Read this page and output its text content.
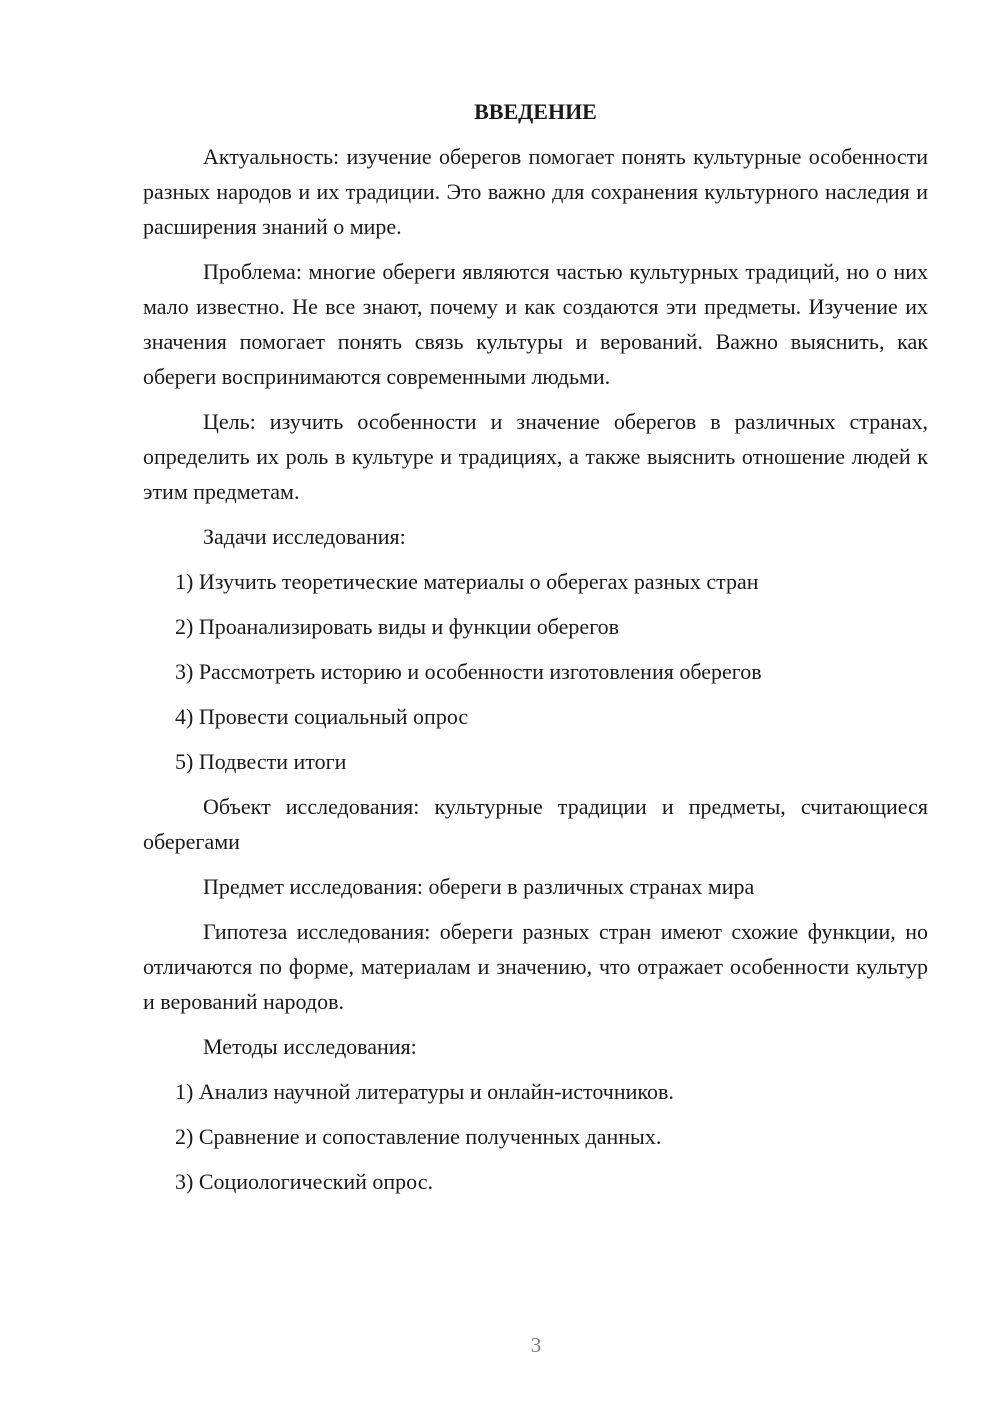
ВВЕДЕНИЕ

Актуальность: изучение оберегов помогает понять культурные особенности разных народов и их традиции. Это важно для сохранения культурного наследия и расширения знаний о мире.

Проблема: многие обереги являются частью культурных традиций, но о них мало известно. Не все знают, почему и как создаются эти предметы. Изучение их значения помогает понять связь культуры и верований. Важно выяснить, как обереги воспринимаются современными людьми.

Цель: изучить особенности и значение оберегов в различных странах, определить их роль в культуре и традициях, а также выяснить отношение людей к этим предметам.

Задачи исследования:

1) Изучить теоретические материалы о оберегах разных стран
2) Проанализировать виды и функции оберегов
3) Рассмотреть историю и особенности изготовления оберегов
4) Провести социальный опрос
5) Подвести итоги

Объект исследования: культурные традиции и предметы, считающиеся оберегами

Предмет исследования: обереги в различных странах мира

Гипотеза исследования: обереги разных стран имеют схожие функции, но отличаются по форме, материалам и значению, что отражает особенности культур и верований народов.

Методы исследования:

1) Анализ научной литературы и онлайн-источников.
2) Сравнение и сопоставление полученных данных.
3) Социологический опрос.
3
